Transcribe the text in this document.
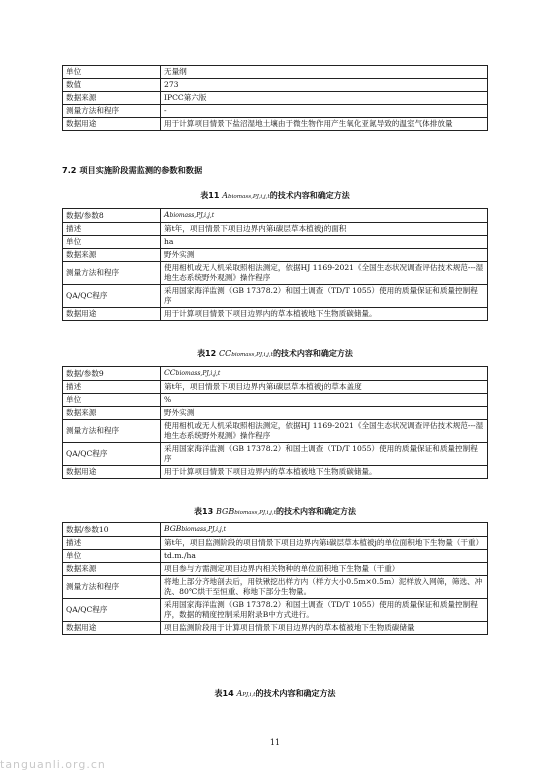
单位	无量纲
数值	273
数据来源	IPCC第六版
测量方法和程序	-
数据用途	用于计算项目情景下盐沼湿地土壤由于微生物作用产生氧化亚氮导致的温室气体排放量
7.2 项目实施阶段需监测的参数和数据
表11 Abiomass,PJ,i,j,t的技术内容和确定方法
数据/参数8	Abiomass,PJ,i,j,t
描述	第t年，项目情景下项目边界内第i碳层草本植被j的面积
单位	ha
数据来源	野外实测
测量方法和程序	使用相机或无人机采取照相法测定，依据HJ 1169-2021《全国生态状况调查评估技术规范---湿地生态系统野外观测》操作程序
QA/QC程序	采用国家海洋监测（GB 17378.2）和国土调查（TD/T 1055）使用的质量保证和质量控制程序
数据用途	用于计算项目情景下项目边界内的草本植被地下生物质碳储量。
表12 CCbiomass,PJ,i,j,t的技术内容和确定方法
数据/参数9	CCbiomass,PJ,i,j,t
描述	第t年，项目情景下项目边界内第i碳层草本植被j的草本盖度
单位	%
数据来源	野外实测
测量方法和程序	使用相机或无人机采取照相法测定，依据HJ 1169-2021《全国生态状况调查评估技术规范---湿地生态系统野外观测》操作程序
QA/QC程序	采用国家海洋监测（GB 17378.2）和国土调查（TD/T 1055）使用的质量保证和质量控制程序
数据用途	用于计算项目情景下项目边界内的草本植被地下生物质碳储量。
表13 BGBbiomass,PJ,i,j,t的技术内容和确定方法
数据/参数10	BGBbiomass,PJ,i,j,t
描述	第t年，项目监测阶段的项目情景下项目边界内第i碳层草本植被j的单位面积地下生物量（干重）
单位	td.m./ha
数据来源	项目参与方需测定项目边界内相关物种的单位面积地下生物量（干重）
测量方法和程序	将地上部分齐地剖去后，用铁锹挖出样方内（样方大小0.5m×0.5m）泥样放入网筛，筛选、冲洗、80℃烘干至恒重、称地下部分生物量。
QA/QC程序	采用国家海洋监测（GB 17378.2）和国土调查（TD/T 1055）使用的质量保证和质量控制程序，数据的精度控制采用附录B中方式进行。
数据用途	项目监测阶段用于计算项目情景下项目边界内的草本植被地下生物质碳储量
表14 APJ,i,t的技术内容和确定方法
11
tanguanli.org.cn
